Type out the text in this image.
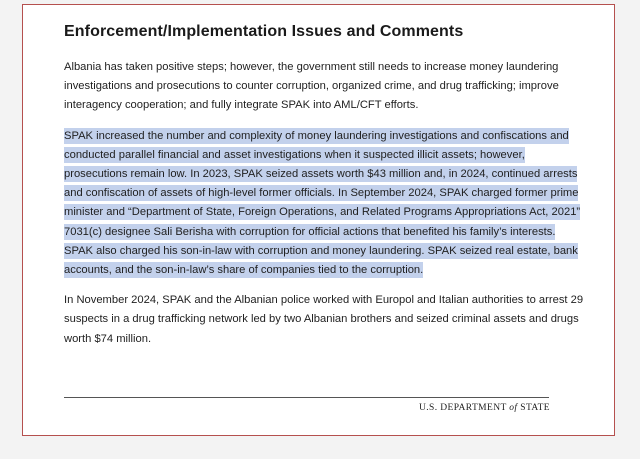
Enforcement/Implementation Issues and Comments

Albania has taken positive steps; however, the government still needs to increase money laundering investigations and prosecutions to counter corruption, organized crime, and drug trafficking; improve interagency cooperation; and fully integrate SPAK into AML/CFT efforts.

SPAK increased the number and complexity of money laundering investigations and confiscations and conducted parallel financial and asset investigations when it suspected illicit assets; however, prosecutions remain low. In 2023, SPAK seized assets worth $43 million and, in 2024, continued arrests and confiscation of assets of high-level former officials. In September 2024, SPAK charged former prime minister and “Department of State, Foreign Operations, and Related Programs Appropriations Act, 2021” 7031(c) designee Sali Berisha with corruption for official actions that benefited his family’s interests. SPAK also charged his son-in-law with corruption and money laundering. SPAK seized real estate, bank accounts, and the son-in-law’s share of companies tied to the corruption.

In November 2024, SPAK and the Albanian police worked with Europol and Italian authorities to arrest 29 suspects in a drug trafficking network led by two Albanian brothers and seized criminal assets and drugs worth $74 million.

U.S. DEPARTMENT of STATE
